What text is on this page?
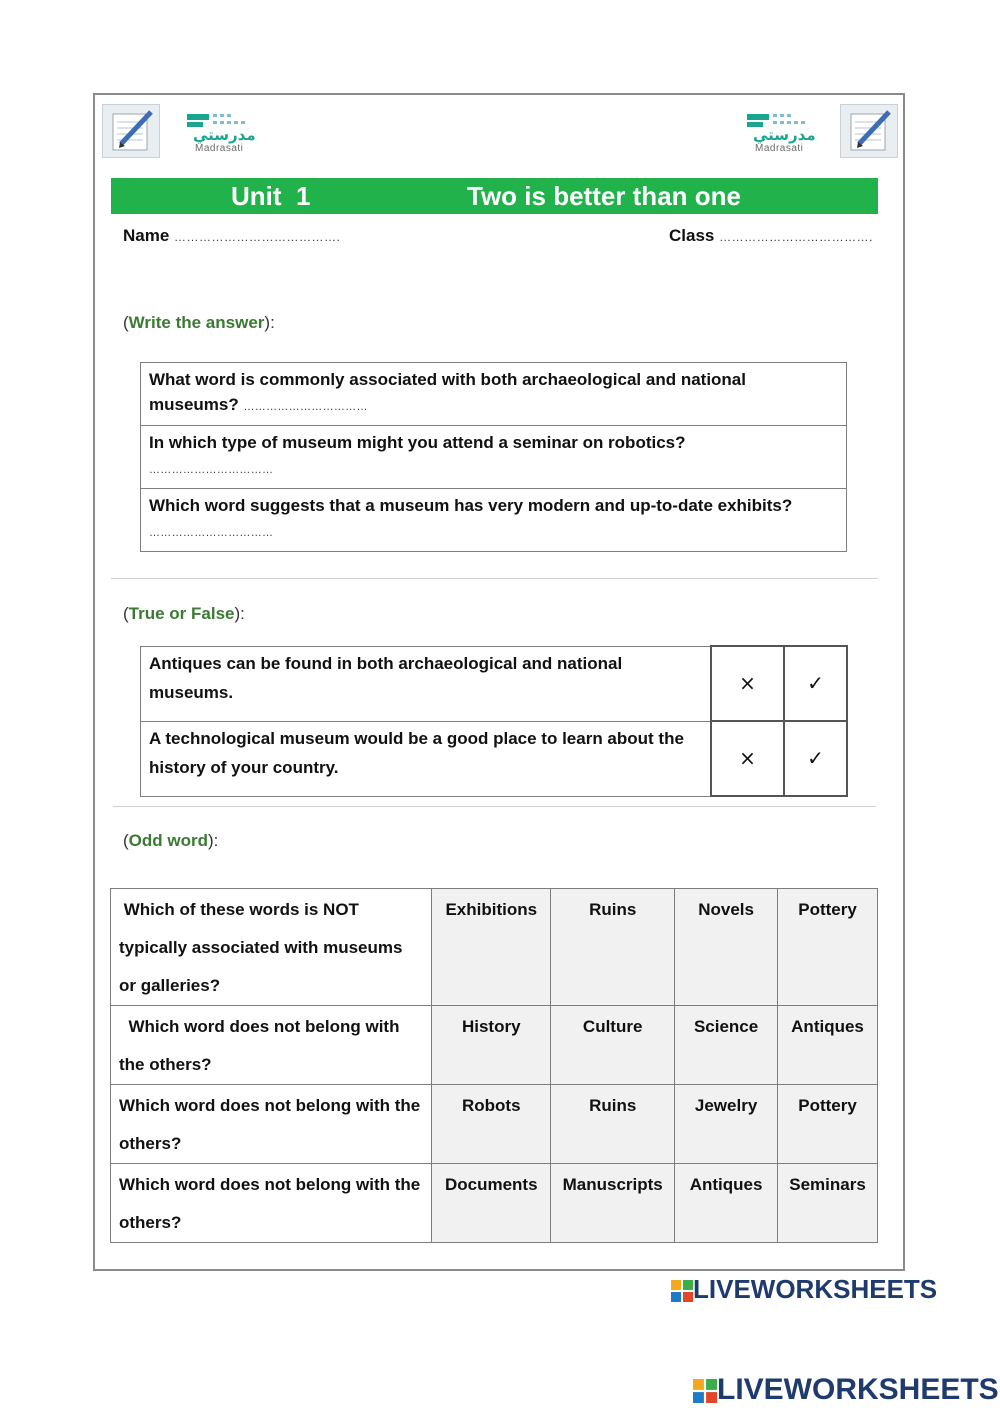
مدرستي
Madrasati
مدرستي
Madrasati
Unit  1	Two is better than one
Name ………………………………….	Class ……………………………….
(Write the answer):
What word is commonly associated with both archaeological and national museums? ……………………………
In which type of museum might you attend a seminar on robotics?
……………………………
Which word suggests that a museum has very modern and up-to-date exhibits?
……………………………
(True or False):
Antiques can be found in both archaeological and national museums.	×	✓
A technological museum would be a good place to learn about the history of your country.	×	✓
(Odd word):
Which of these words is NOT typically associated with museums or galleries?	Exhibitions	Ruins	Novels	Pottery
Which word does not belong with the others?	History	Culture	Science	Antiques
Which word does not belong with the others?	Robots	Ruins	Jewelry	Pottery
Which word does not belong with the others?	Documents	Manuscripts	Antiques	Seminars
LIVEWORKSHEETS
LIVEWORKSHEETS
